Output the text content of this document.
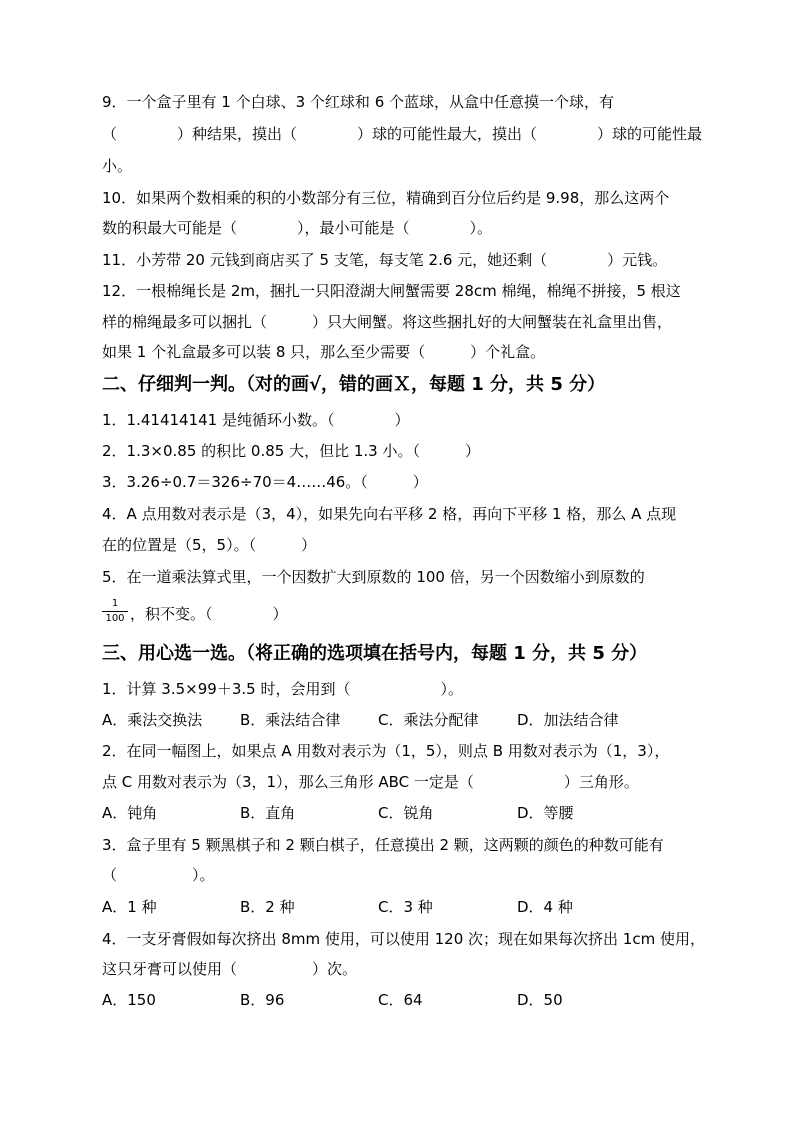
9．一个盒子里有 1 个白球、3 个红球和 6 个蓝球，从盒中任意摸一个球，有
（　　　　）种结果，摸出（　　　　）球的可能性最大，摸出（　　　　）球的可能性最
小。
10．如果两个数相乘的积的小数部分有三位，精确到百分位后约是 9.98，那么这两个
数的积最大可能是（　　　　），最小可能是（　　　　）。
11．小芳带 20 元钱到商店买了 5 支笔，每支笔 2.6 元，她还剩（　　　　）元钱。
12．一根棉绳长是 2m，捆扎一只阳澄湖大闸蟹需要 28cm 棉绳，棉绳不拼接，5 根这
样的棉绳最多可以捆扎（　　　）只大闸蟹。将这些捆扎好的大闸蟹装在礼盒里出售，
如果 1 个礼盒最多可以装 8 只，那么至少需要（　　　）个礼盒。
二、仔细判一判。（对的画√，错的画Ｘ，每题 1 分，共 5 分）
1．1.41414141 是纯循环小数。（　　　　）
2．1.3×0.85 的积比 0.85 大，但比 1.3 小。（　　　）
3．3.26÷0.7＝326÷70＝4……46。（　　　）
4．A 点用数对表示是（3，4），如果先向右平移 2 格，再向下平移 1 格，那么 A 点现
在的位置是（5，5）。（　　　）
5．在一道乘法算式里，一个因数扩大到原数的 100 倍，另一个因数缩小到原数的
1
100 ，积不变。（　　　　）
三、用心选一选。（将正确的选项填在括号内，每题 1 分，共 5 分）
1．计算 3.5×99＋3.5 时，会用到（　　　　　　）。
A．乘法交换法	B．乘法结合律	C．乘法分配律	D．加法结合律
2．在同一幅图上，如果点 A 用数对表示为（1，5），则点 B 用数对表示为（1，3），
点 C 用数对表示为（3，1），那么三角形 ABC 一定是（　　　　　　）三角形。
A．钝角	B．直角	C．锐角	D．等腰
3．盒子里有 5 颗黑棋子和 2 颗白棋子，任意摸出 2 颗，这两颗的颜色的种数可能有
（　　　　　）。
A．1 种	B．2 种	C．3 种	D．4 种
4．一支牙膏假如每次挤出 8mm 使用，可以使用 120 次；现在如果每次挤出 1cm 使用，
这只牙膏可以使用（　　　　　）次。
A．150	B．96	C．64	D．50
